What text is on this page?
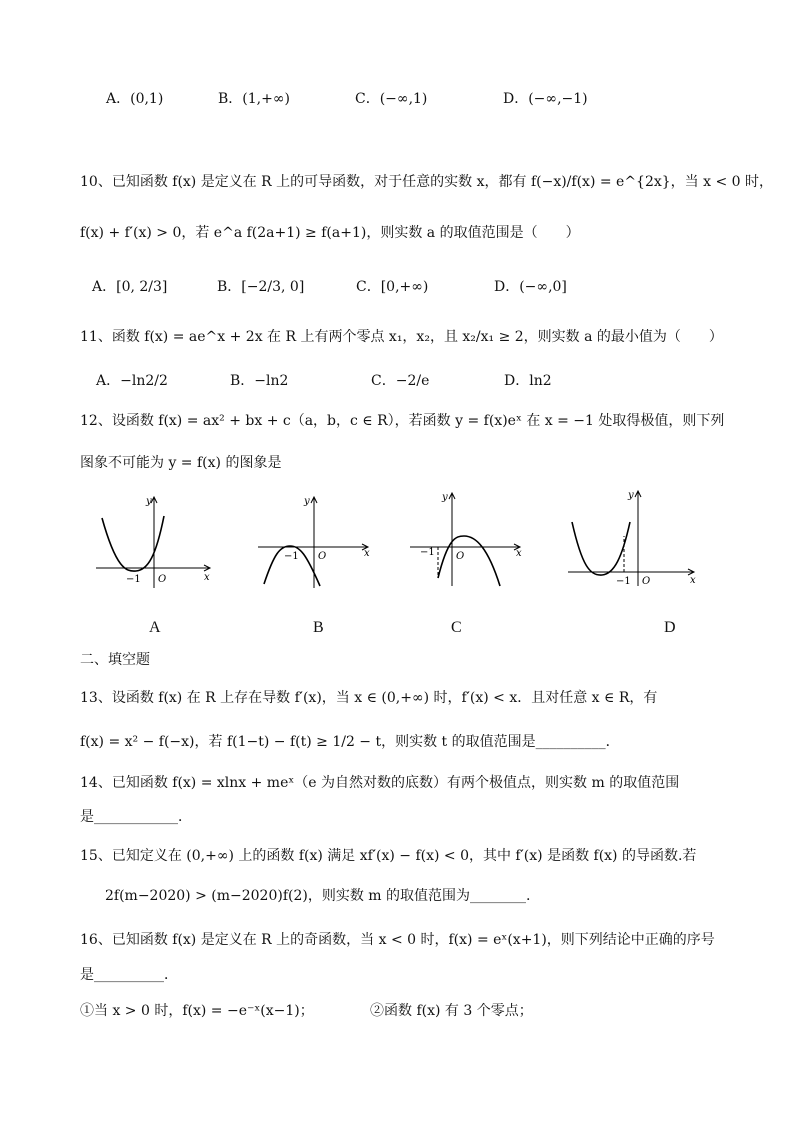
A．(0,1)	B．(1,+∞)	C．(−∞,1)	D．(−∞,−1)
10、已知函数 f(x) 是定义在 R 上的可导函数，对于任意的实数 x，都有 f(−x)/f(x) = e^{2x}，当 x < 0 时，
f(x) + f′(x) > 0，若 e^a f(2a+1) ≥ f(a+1)，则实数 a 的取值范围是（　　）
A．[0, 2/3]	B．[−2/3, 0]	C．[0,+∞)	D．(−∞,0]
11、函数 f(x) = ae^x + 2x 在 R 上有两个零点 x₁，x₂，且 x₂/x₁ ≥ 2，则实数 a 的最小值为（　　）
A．−ln2/2	B．−ln2	C．−2/e	D．ln2
12、设函数 f(x) = ax² + bx + c（a，b，c ∈ R），若函数 y = f(x)eˣ 在 x = −1 处取得极值，则下列
图象不可能为 y = f(x) 的图象是
y
x
−1 O
y
x
−1 O
y
x
−1 O
y
x
−1 O
A	B	C	D
二、填空题
13、设函数 f(x) 在 R 上存在导数 f′(x)，当 x ∈ (0,+∞) 时，f′(x) < x．且对任意 x ∈ R，有
f(x) = x² − f(−x)，若 f(1−t) − f(t) ≥ 1/2 − t，则实数 t 的取值范围是__________．
14、已知函数 f(x) = xlnx + meˣ（e 为自然对数的底数）有两个极值点，则实数 m 的取值范围
是____________．
15、已知定义在 (0,+∞) 上的函数 f(x) 满足 xf′(x) − f(x) < 0，其中 f′(x) 是函数 f(x) 的导函数.若
2f(m−2020) > (m−2020)f(2)，则实数 m 的取值范围为________.
16、已知函数 f(x) 是定义在 R 上的奇函数，当 x < 0 时，f(x) = eˣ(x+1)，则下列结论中正确的序号
是__________．
①当 x > 0 时，f(x) = −e⁻ˣ(x−1)；	②函数 f(x) 有 3 个零点；
